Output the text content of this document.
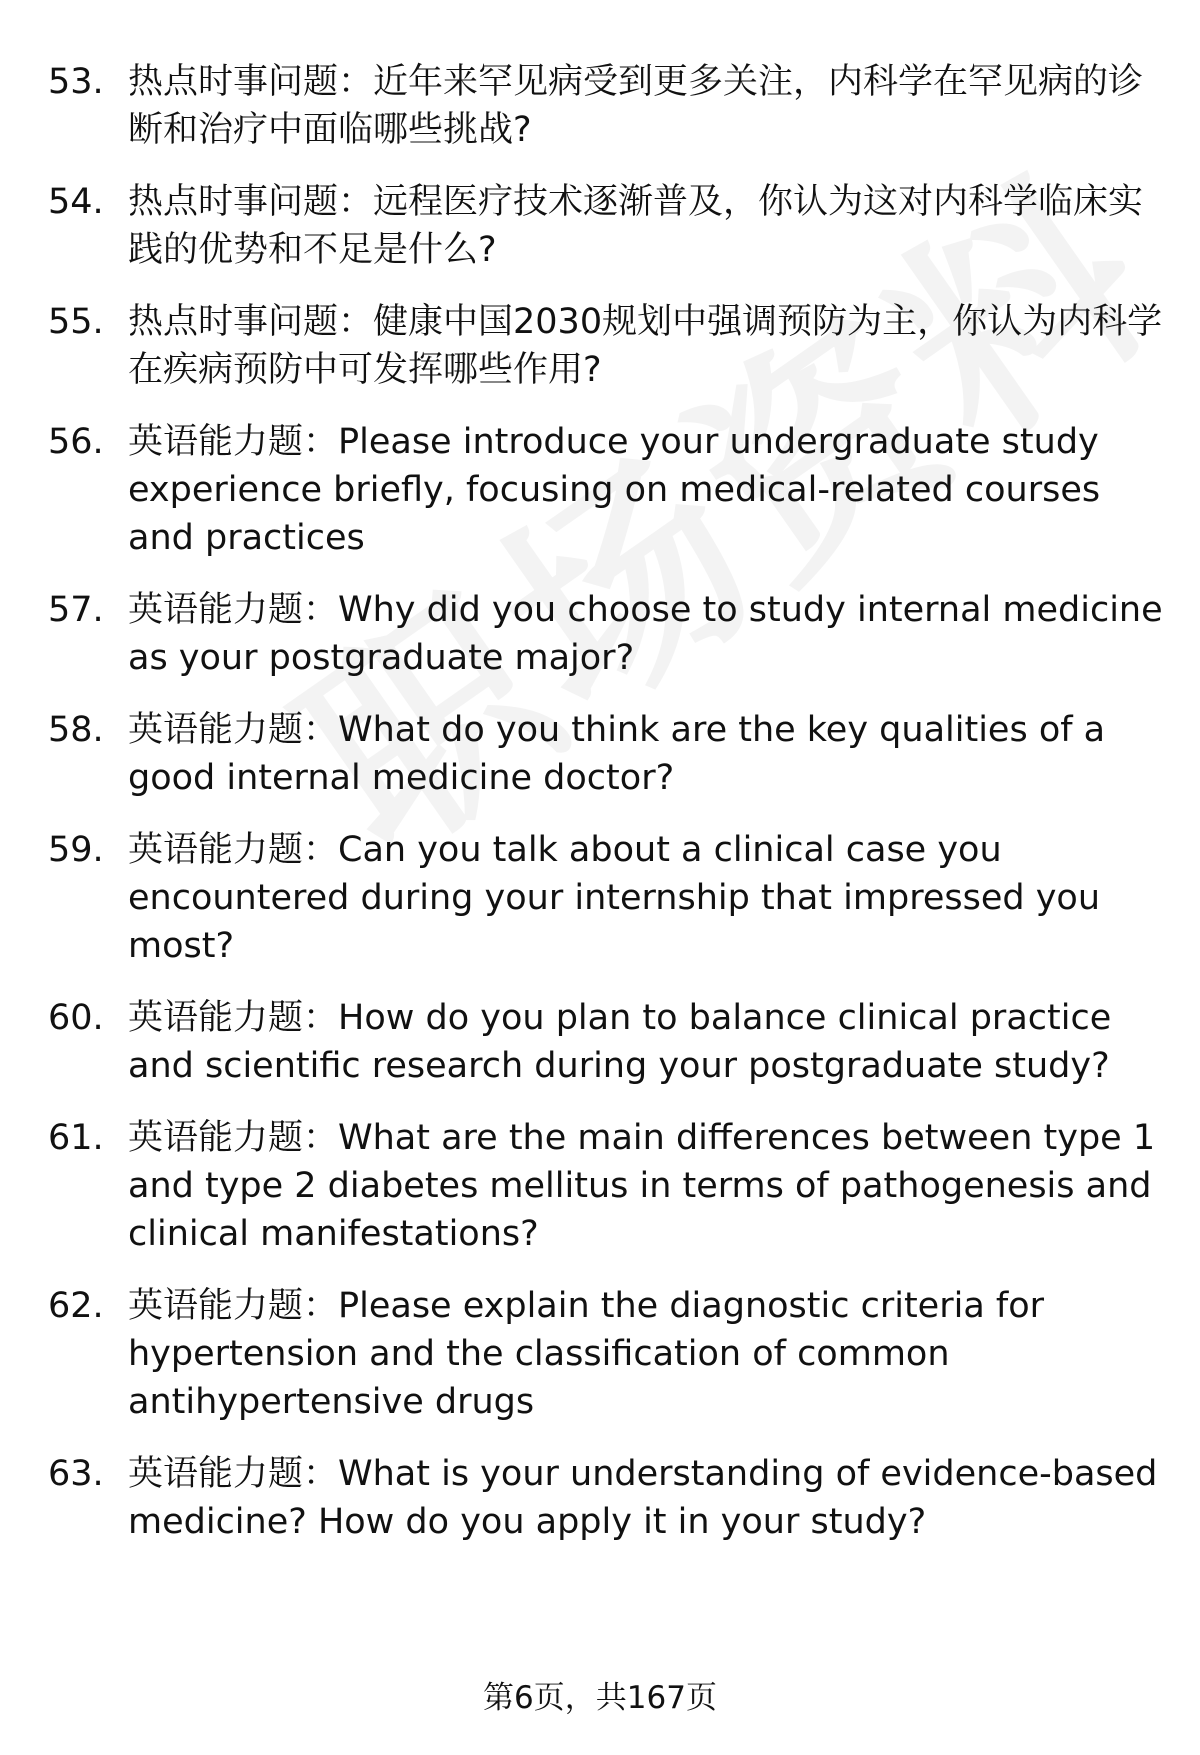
53. 热点时事问题：近年来罕见病受到更多关注，内科学在罕见病的诊断和治疗中面临哪些挑战?
54. 热点时事问题：远程医疗技术逐渐普及，你认为这对内科学临床实践的优势和不足是什么?
55. 热点时事问题：健康中国2030规划中强调预防为主，你认为内科学在疾病预防中可发挥哪些作用?
56. 英语能力题：Please introduce your undergraduate study experience briefly, focusing on medical-related courses and practices
57. 英语能力题：Why did you choose to study internal medicine as your postgraduate major?
58. 英语能力题：What do you think are the key qualities of a good internal medicine doctor?
59. 英语能力题：Can you talk about a clinical case you encountered during your internship that impressed you most?
60. 英语能力题：How do you plan to balance clinical practice and scientific research during your postgraduate study?
61. 英语能力题：What are the main differences between type 1 and type 2 diabetes mellitus in terms of pathogenesis and clinical manifestations?
62. 英语能力题：Please explain the diagnostic criteria for hypertension and the classification of common antihypertensive drugs
63. 英语能力题：What is your understanding of evidence-based medicine? How do you apply it in your study?
第6页，共167页
